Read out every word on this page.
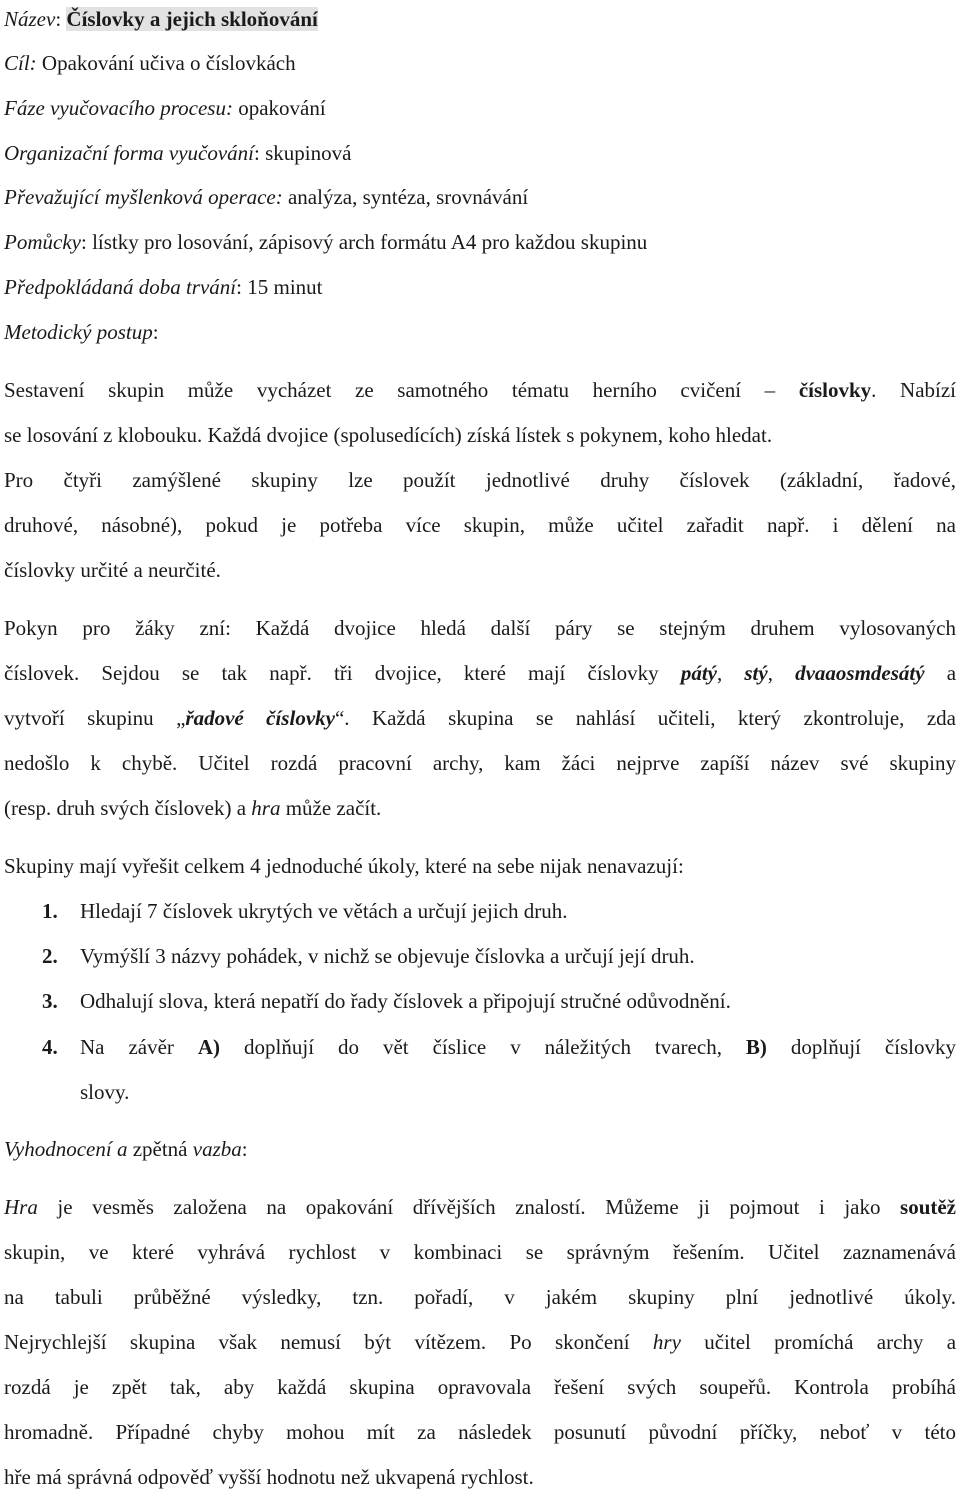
Název: Číslovky a jejich skloňování
Cíl: Opakování učiva o číslovkách
Fáze vyučovacího procesu: opakování
Organizační forma vyučování: skupinová
Převažující myšlenková operace: analýza, syntéza, srovnávání
Pomůcky: lístky pro losování, zápisový arch formátu A4 pro každou skupinu
Předpokládaná doba trvání: 15 minut
Metodický postup:
Sestavení skupin může vycházet ze samotného tématu herního cvičení – číslovky. Nabízí
se losování z klobouku. Každá dvojice (spolusedících) získá lístek s pokynem, koho hledat.
Pro čtyři zamýšlené skupiny lze použít jednotlivé druhy číslovek (základní, řadové,
druhové, násobné), pokud je potřeba více skupin, může učitel zařadit např. i dělení na
číslovky určité a neurčité.
Pokyn pro žáky zní: Každá dvojice hledá další páry se stejným druhem vylosovaných
číslovek. Sejdou se tak např. tři dvojice, které mají číslovky pátý, stý, dvaaosmdesátý a
vytvoří skupinu „řadové číslovky“. Každá skupina se nahlásí učiteli, který zkontroluje, zda
nedošlo k chybě. Učitel rozdá pracovní archy, kam žáci nejprve zapíší název své skupiny
(resp. druh svých číslovek) a hra může začít.
Skupiny mají vyřešit celkem 4 jednoduché úkoly, které na sebe nijak nenavazují:
1. Hledají 7 číslovek ukrytých ve větách a určují jejich druh.
2. Vymýšlí 3 názvy pohádek, v nichž se objevuje číslovka a určují její druh.
3. Odhalují slova, která nepatří do řady číslovek a připojují stručné odůvodnění.
4. Na závěr A) doplňují do vět číslice v náležitých tvarech, B) doplňují číslovky
slovy.
Vyhodnocení a zpětná vazba:
Hra je vesměs založena na opakování dřívějších znalostí. Můžeme ji pojmout i jako soutěž
skupin, ve které vyhrává rychlost v kombinaci se správným řešením. Učitel zaznamenává
na tabuli průběžné výsledky, tzn. pořadí, v jakém skupiny plní jednotlivé úkoly.
Nejrychlejší skupina však nemusí být vítězem. Po skončení hry učitel promíchá archy a
rozdá je zpět tak, aby každá skupina opravovala řešení svých soupeřů. Kontrola probíhá
hromadně. Případné chyby mohou mít za následek posunutí původní příčky, neboť v této
hře má správná odpověď vyšší hodnotu než ukvapená rychlost.
